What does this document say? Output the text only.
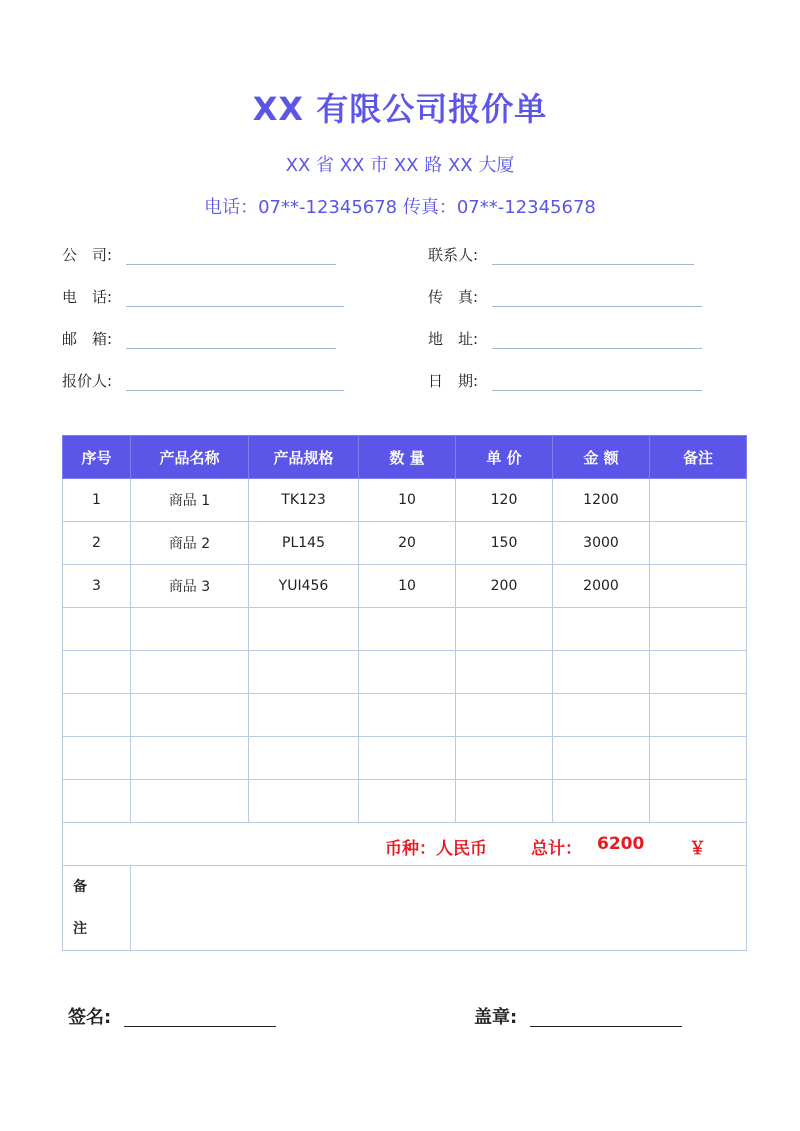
XX 有限公司报价单
XX 省 XX 市 XX 路 XX 大厦
电话：07**-12345678 传真：07**-12345678
公　司:	联系人:
电　话:	传　真:
邮　箱:	地　址:
报价人:	日　期:
序号	产品名称	产品规格	数 量	单 价	金 额	备注
1	商品 1	TK123	10	120	1200	
2	商品 2	PL145	20	150	3000	
3	商品 3	YUI456	10	200	2000	

币种：人民币 总计： 6200 ￥						

备
注						

签名:	盖章:
